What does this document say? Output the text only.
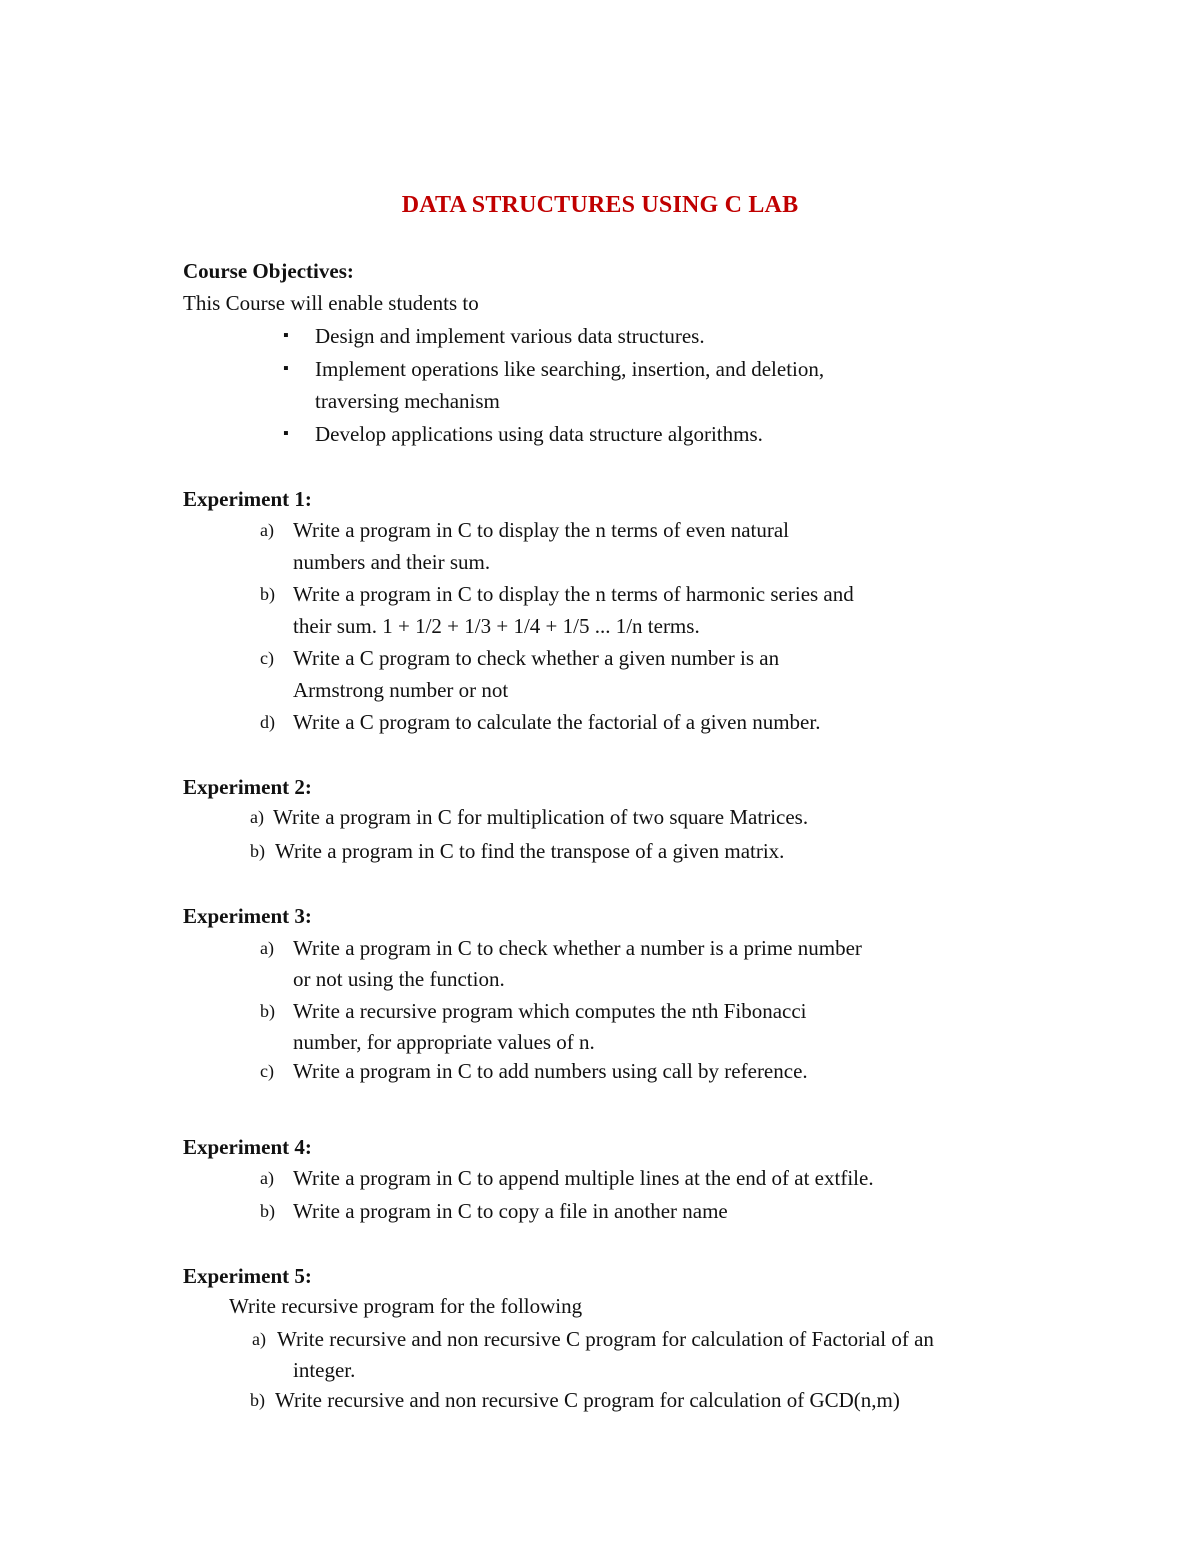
DATA STRUCTURES USING C LAB
Course Objectives:
This Course will enable students to
▪ Design and implement various data structures.
▪ Implement operations like searching, insertion, and deletion,
traversing mechanism
▪ Develop applications using data structure algorithms.
Experiment 1:
a) Write a program in C to display the n terms of even natural
numbers and their sum.
b) Write a program in C to display the n terms of harmonic series and
their sum. 1 + 1/2 + 1/3 + 1/4 + 1/5 ... 1/n terms.
c) Write a C program to check whether a given number is an
Armstrong number or not
d) Write a C program to calculate the factorial of a given number.
Experiment 2:
a) Write a program in C for multiplication of two square Matrices.
b) Write a program in C to find the transpose of a given matrix.
Experiment 3:
a) Write a program in C to check whether a number is a prime number
or not using the function.
b) Write a recursive program which computes the nth Fibonacci
number, for appropriate values of n.
c) Write a program in C to add numbers using call by reference.
Experiment 4:
a) Write a program in C to append multiple lines at the end of at extfile.
b) Write a program in C to copy a file in another name
Experiment 5:
Write recursive program for the following
a) Write recursive and non recursive C program for calculation of Factorial of an
integer.
b) Write recursive and non recursive C program for calculation of GCD(n,m)
